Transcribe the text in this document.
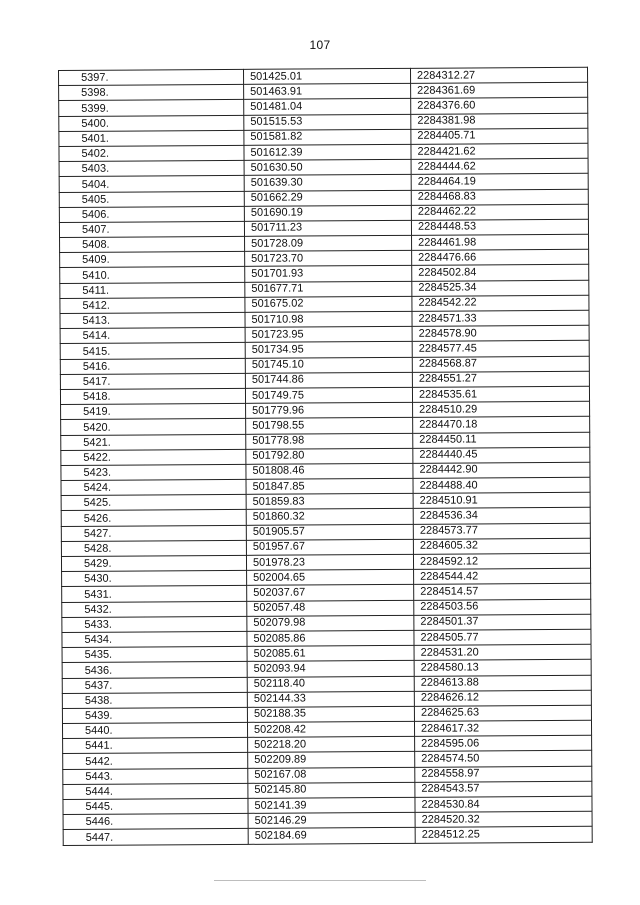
107
5397.	501425.01	2284312.27
5398.	501463.91	2284361.69
5399.	501481.04	2284376.60
5400.	501515.53	2284381.98
5401.	501581.82	2284405.71
5402.	501612.39	2284421.62
5403.	501630.50	2284444.62
5404.	501639.30	2284464.19
5405.	501662.29	2284468.83
5406.	501690.19	2284462.22
5407.	501711.23	2284448.53
5408.	501728.09	2284461.98
5409.	501723.70	2284476.66
5410.	501701.93	2284502.84
5411.	501677.71	2284525.34
5412.	501675.02	2284542.22
5413.	501710.98	2284571.33
5414.	501723.95	2284578.90
5415.	501734.95	2284577.45
5416.	501745.10	2284568.87
5417.	501744.86	2284551.27
5418.	501749.75	2284535.61
5419.	501779.96	2284510.29
5420.	501798.55	2284470.18
5421.	501778.98	2284450.11
5422.	501792.80	2284440.45
5423.	501808.46	2284442.90
5424.	501847.85	2284488.40
5425.	501859.83	2284510.91
5426.	501860.32	2284536.34
5427.	501905.57	2284573.77
5428.	501957.67	2284605.32
5429.	501978.23	2284592.12
5430.	502004.65	2284544.42
5431.	502037.67	2284514.57
5432.	502057.48	2284503.56
5433.	502079.98	2284501.37
5434.	502085.86	2284505.77
5435.	502085.61	2284531.20
5436.	502093.94	2284580.13
5437.	502118.40	2284613.88
5438.	502144.33	2284626.12
5439.	502188.35	2284625.63
5440.	502208.42	2284617.32
5441.	502218.20	2284595.06
5442.	502209.89	2284574.50
5443.	502167.08	2284558.97
5444.	502145.80	2284543.57
5445.	502141.39	2284530.84
5446.	502146.29	2284520.32
5447.	502184.69	2284512.25
